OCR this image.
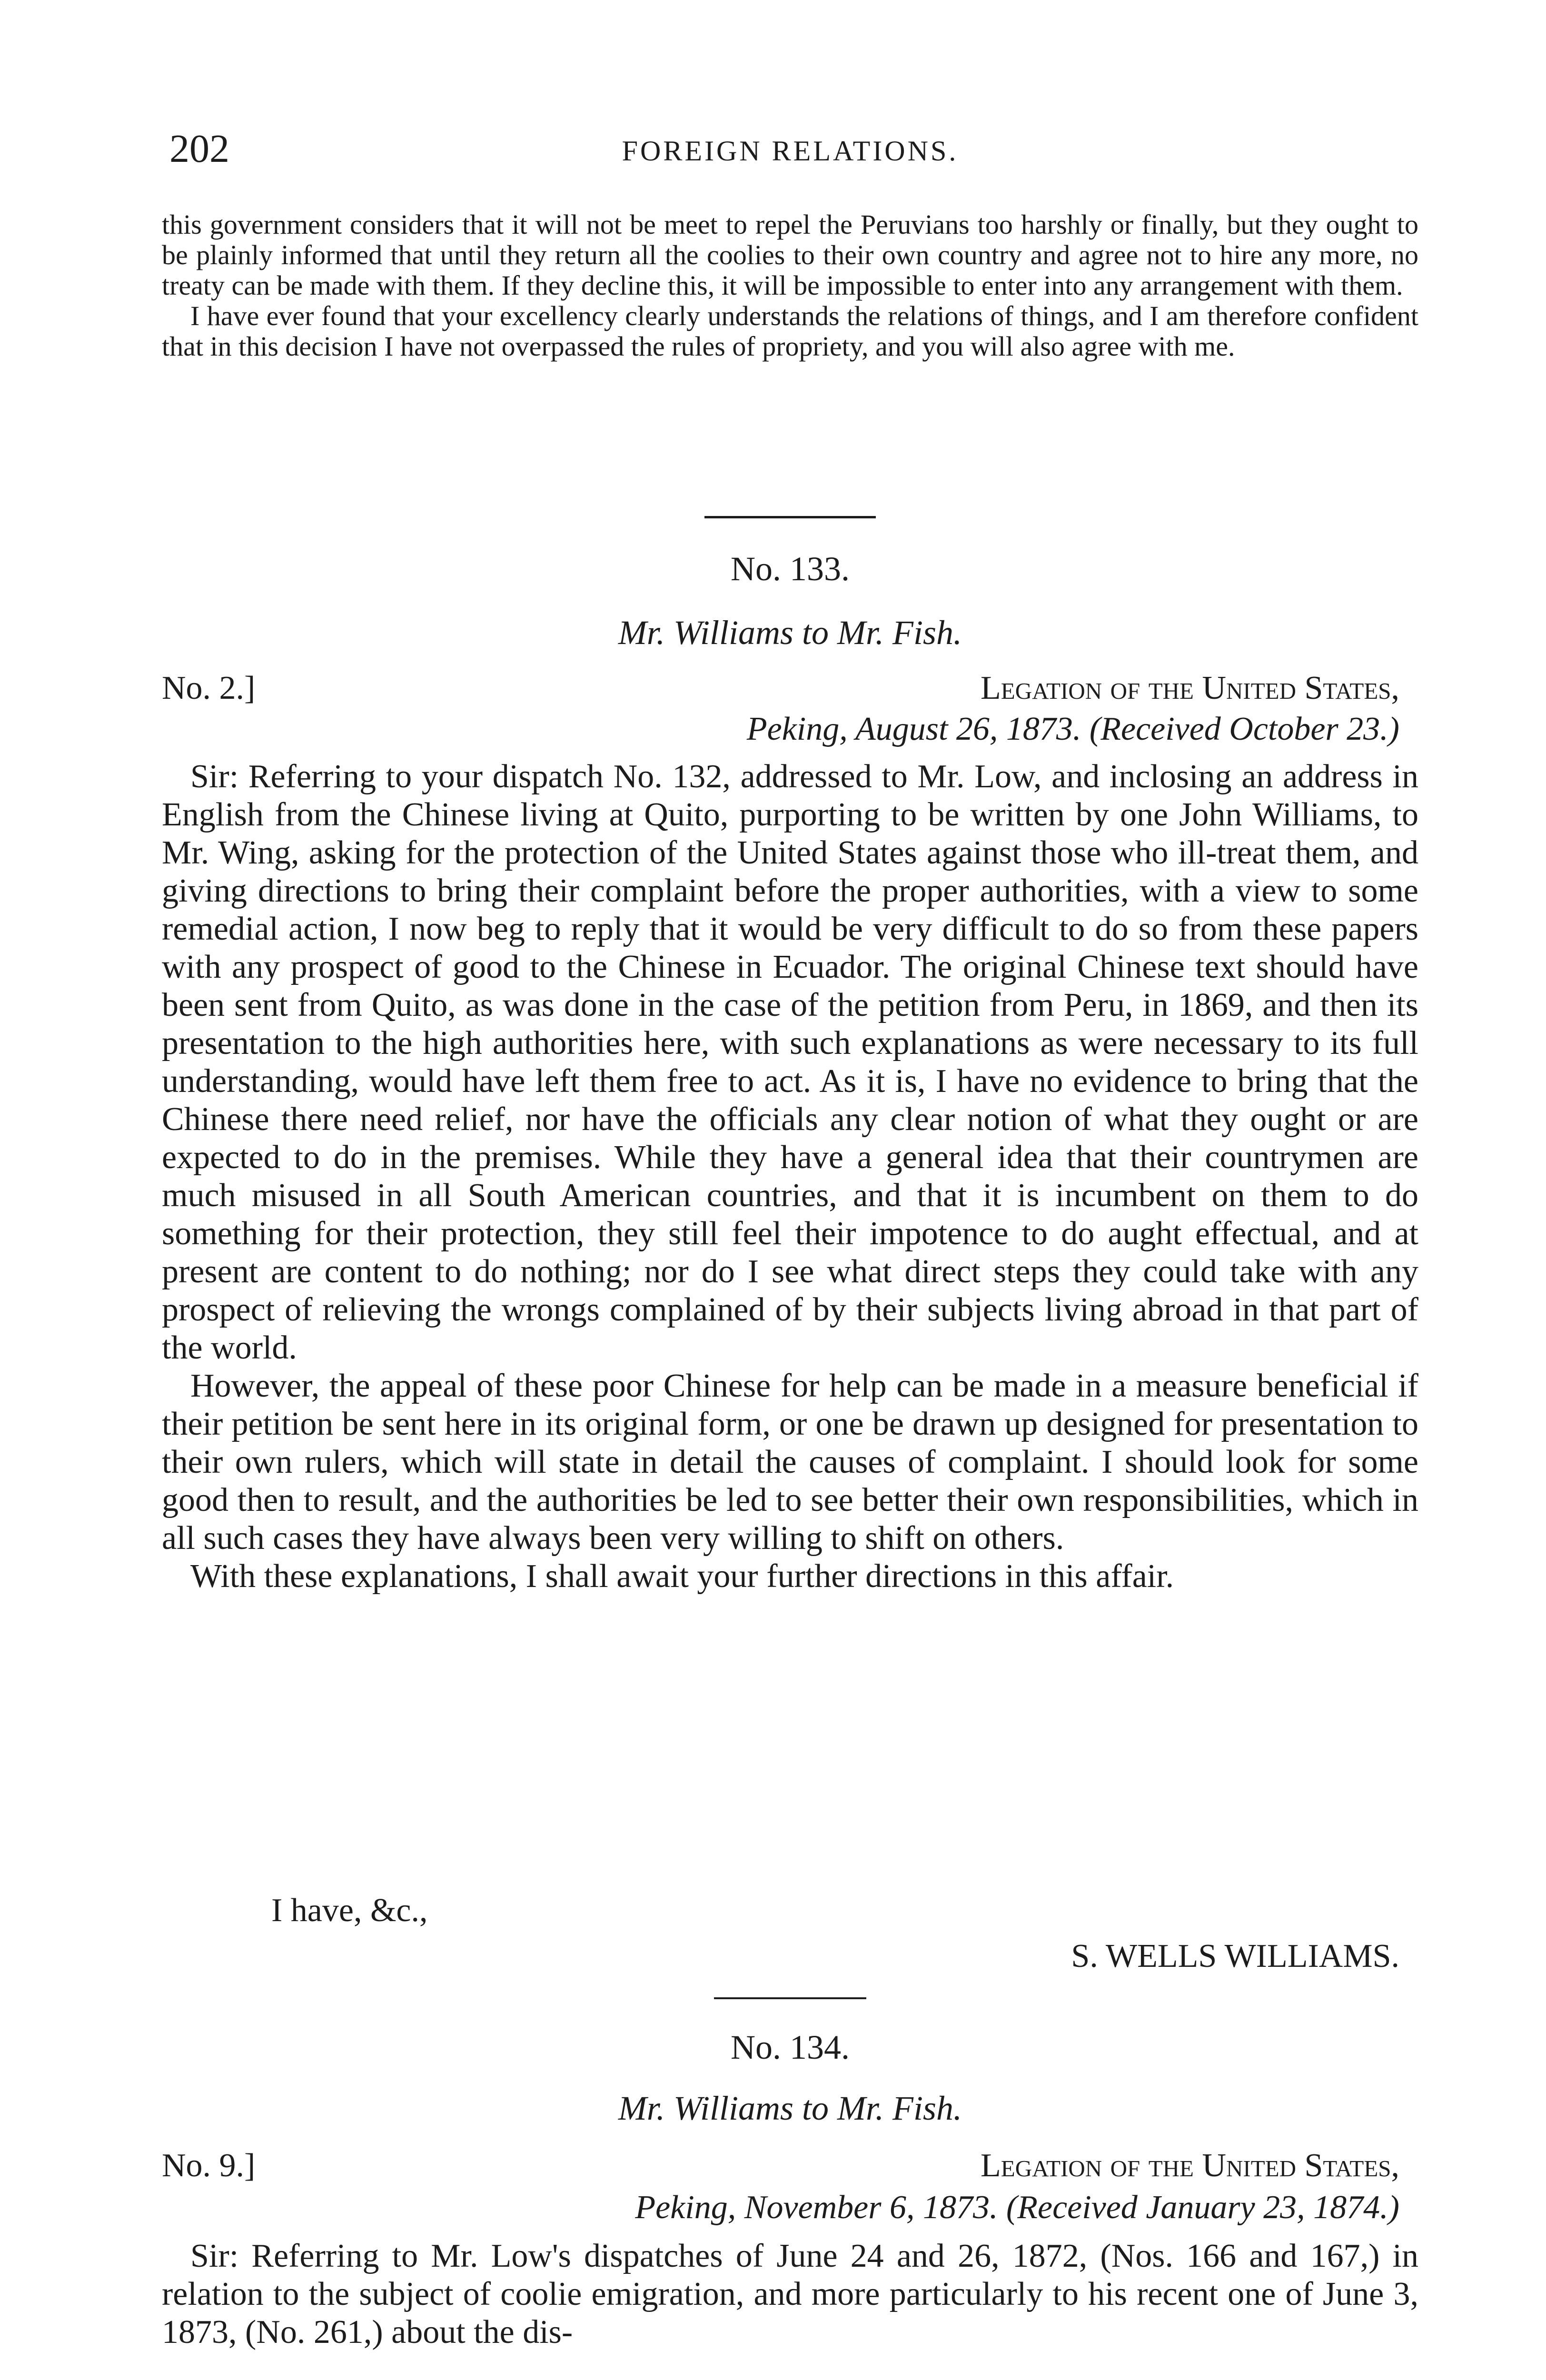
202	FOREIGN RELATIONS.

this government considers that it will not be meet to repel the Peruvians too harshly or finally, but they ought to be plainly informed that until they return all the coolies to their own country and agree not to hire any more, no treaty can be made with them. If they decline this, it will be impossible to enter into any arrangement with them.

I have ever found that your excellency clearly understands the relations of things, and I am therefore confident that in this decision I have not overpassed the rules of propriety, and you will also agree with me.

No. 133.
Mr. Williams to Mr. Fish.
No. 2.]	Legation of the United States,
Peking, August 26, 1873. (Received October 23.)

Sir: Referring to your dispatch No. 132, addressed to Mr. Low, and inclosing an address in English from the Chinese living at Quito, purporting to be written by one John Williams, to Mr. Wing, asking for the protection of the United States against those who ill-treat them, and giving directions to bring their complaint before the proper authorities, with a view to some remedial action, I now beg to reply that it would be very difficult to do so from these papers with any prospect of good to the Chinese in Ecuador. The original Chinese text should have been sent from Quito, as was done in the case of the petition from Peru, in 1869, and then its presentation to the high authorities here, with such explanations as were necessary to its full understanding, would have left them free to act. As it is, I have no evidence to bring that the Chinese there need relief, nor have the officials any clear notion of what they ought or are expected to do in the premises. While they have a general idea that their countrymen are much misused in all South American countries, and that it is incumbent on them to do something for their protection, they still feel their impotence to do aught effectual, and at present are content to do nothing; nor do I see what direct steps they could take with any prospect of relieving the wrongs complained of by their subjects living abroad in that part of the world.

However, the appeal of these poor Chinese for help can be made in a measure beneficial if their petition be sent here in its original form, or one be drawn up designed for presentation to their own rulers, which will state in detail the causes of complaint. I should look for some good then to result, and the authorities be led to see better their own responsibilities, which in all such cases they have always been very willing to shift on others.

With these explanations, I shall await your further directions in this affair.

I have, &c.,
S. WELLS WILLIAMS.
No. 134.
Mr. Williams to Mr. Fish.
No. 9.]	Legation of the United States,
Peking, November 6, 1873. (Received January 23, 1874.)

Sir: Referring to Mr. Low's dispatches of June 24 and 26, 1872, (Nos. 166 and 167,) in relation to the subject of coolie emigration, and more particularly to his recent one of June 3, 1873, (No. 261,) about the dis-
